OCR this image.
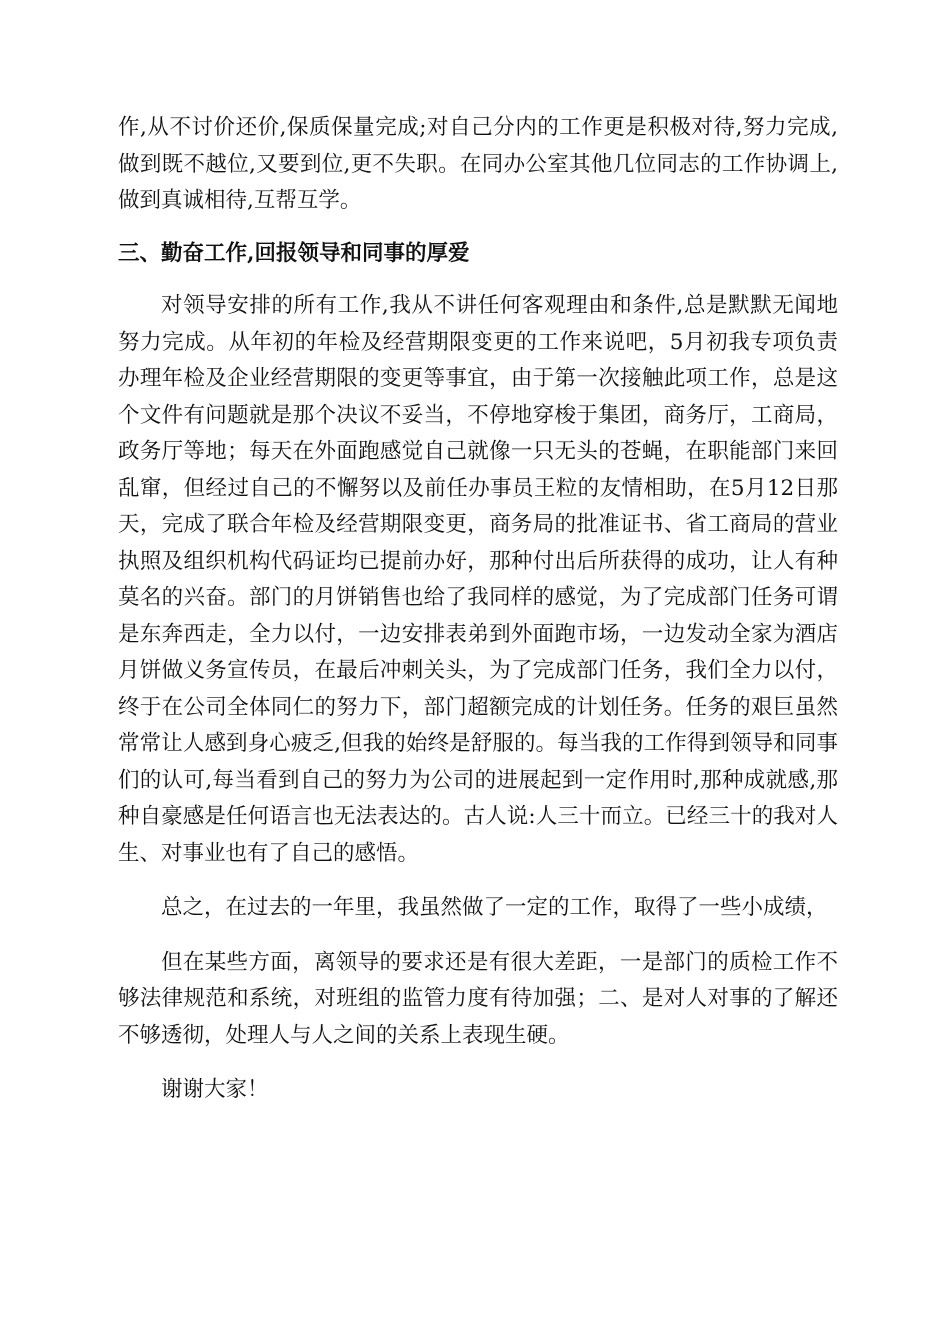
作,从不讨价还价,保质保量完成;对自己分内的工作更是积极对待,努力完成,做到既不越位,又要到位,更不失职。在同办公室其他几位同志的工作协调上,做到真诚相待,互帮互学。

三、勤奋工作,回报领导和同事的厚爱

对领导安排的所有工作,我从不讲任何客观理由和条件,总是默默无闻地努力完成。从年初的年检及经营期限变更的工作来说吧，5月初我专项负责办理年检及企业经营期限的变更等事宜，由于第一次接触此项工作，总是这个文件有问题就是那个决议不妥当，不停地穿梭于集团，商务厅，工商局，政务厅等地；每天在外面跑感觉自己就像一只无头的苍蝇，在职能部门来回乱窜，但经过自己的不懈努以及前任办事员王粒的友情相助，在5月12日那天，完成了联合年检及经营期限变更，商务局的批准证书、省工商局的营业执照及组织机构代码证均已提前办好，那种付出后所获得的成功，让人有种莫名的兴奋。部门的月饼销售也给了我同样的感觉，为了完成部门任务可谓是东奔西走，全力以付，一边安排表弟到外面跑市场，一边发动全家为酒店月饼做义务宣传员，在最后冲刺关头，为了完成部门任务，我们全力以付，终于在公司全体同仁的努力下，部门超额完成的计划任务。任务的艰巨虽然常常让人感到身心疲乏,但我的始终是舒服的。每当我的工作得到领导和同事们的认可,每当看到自己的努力为公司的进展起到一定作用时,那种成就感,那种自豪感是任何语言也无法表达的。古人说:人三十而立。已经三十的我对人生、对事业也有了自己的感悟。

总之，在过去的一年里，我虽然做了一定的工作，取得了一些小成绩，

但在某些方面，离领导的要求还是有很大差距，一是部门的质检工作不够法律规范和系统，对班组的监管力度有待加强；二、是对人对事的了解还不够透彻，处理人与人之间的关系上表现生硬。

谢谢大家！
